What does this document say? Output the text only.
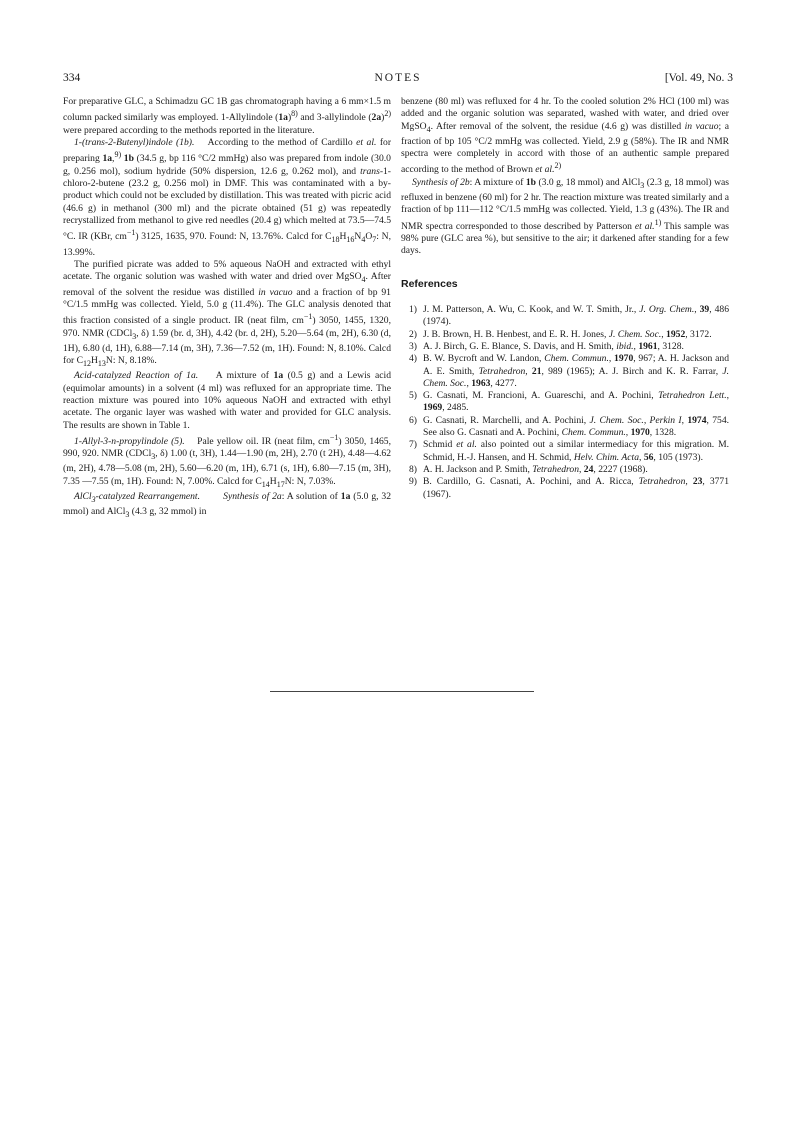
334	NOTES	[Vol. 49, No. 3

For preparative GLC, a Schimadzu GC 1B gas chromatograph having a 6 mm×1.5 m column packed similarly was employed. 1-Allylindole $(1a)^{8)}$ and 3-allylindole $(2a)^{2)}$ were prepared according to the methods reported in the literature.

1-(trans-2-Butenyl)indole (1b).    According to the method of Cardillo et al. for preparing 1a,$^{9)}$ 1b (34.5 g, bp 116 °C/2 mmHg) also was prepared from indole (30.0 g, 0.256 mol), sodium hydride (50% dispersion, 12.6 g, 0.262 mol), and trans-1-chloro-2-butene (23.2 g, 0.256 mol) in DMF. This was contaminated with a by-product which could not be excluded by distillation. This was treated with picric acid (46.6 g) in methanol (300 ml) and the picrate obtained (51 g) was repeatedly recrystallized from methanol to give red needles (20.4 g) which melted at 73.5—74.5 °C. IR (KBr, $cm^{-1}$) 3125, 1635, 970. Found: N, 13.76%. Calcd for $C_{18}H_{16}N_4O_7$: N, 13.99%.

The purified picrate was added to 5% aqueous NaOH and extracted with ethyl acetate. The organic solution was washed with water and dried over MgSO$_4$. After removal of the solvent the residue was distilled in vacuo and a fraction of bp 91 °C/1.5 mmHg was collected. Yield, 5.0 g (11.4%). The GLC analysis denoted that this fraction consisted of a single product. IR (neat film, $cm^{-1}$) 3050, 1455, 1320, 970. NMR (CDCl$_3$, δ) 1.59 (br. d, 3H), 4.42 (br. d, 2H), 5.20—5.64 (m, 2H), 6.30 (d, 1H), 6.80 (d, 1H), 6.88—7.14 (m, 3H), 7.36—7.52 (m, 1H). Found: N, 8.10%. Calcd for $C_{12}H_{13}N$: N, 8.18%.

Acid-catalyzed Reaction of 1a.    A mixture of 1a (0.5 g) and a Lewis acid (equimolar amounts) in a solvent (4 ml) was refluxed for an appropriate time. The reaction mixture was poured into 10% aqueous NaOH and extracted with ethyl acetate. The organic layer was washed with water and provided for GLC analysis. The results are shown in Table 1.

1-Allyl-3-n-propylindole (5).    Pale yellow oil. IR (neat film, $cm^{-1}$) 3050, 1465, 990, 920. NMR (CDCl$_3$, δ) 1.00 (t, 3H), 1.44—1.90 (m, 2H), 2.70 (t 2H), 4.48—4.62 (m, 2H), 4.78—5.08 (m, 2H), 5.60—6.20 (m, 1H), 6.71 (s, 1H), 6.80—7.15 (m, 3H), 7.35 —7.55 (m, 1H). Found: N, 7.00%. Calcd for $C_{14}H_{17}N$: N, 7.03%.

AlCl$_3$-catalyzed Rearrangement. Synthesis of 2a: A solution of 1a (5.0 g, 32 mmol) and AlCl$_3$ (4.3 g, 32 mmol) in

benzene (80 ml) was refluxed for 4 hr. To the cooled solution 2% HCl (100 ml) was added and the organic solution was separated, washed with water, and dried over MgSO$_4$. After removal of the solvent, the residue (4.6 g) was distilled in vacuo; a fraction of bp 105 °C/2 mmHg was collected. Yield, 2.9 g (58%). The IR and NMR spectra were completely in accord with those of an authentic sample prepared according to the method of Brown et al.$^{2)}$

Synthesis of 2b: A mixture of 1b (3.0 g, 18 mmol) and AlCl$_3$ (2.3 g, 18 mmol) was refluxed in benzene (60 ml) for 2 hr. The reaction mixture was treated similarly and a fraction of bp 111—112 °C/1.5 mmHg was collected. Yield, 1.3 g (43%). The IR and NMR spectra corresponded to those described by Patterson et al.$^{1)}$ This sample was 98% pure (GLC area %), but sensitive to the air; it darkened after standing for a few days.

References

1) J. M. Patterson, A. Wu, C. Kook, and W. T. Smith, Jr., J. Org. Chem., 39, 486 (1974).
2) J. B. Brown, H. B. Henbest, and E. R. H. Jones, J. Chem. Soc., 1952, 3172.
3) A. J. Birch, G. E. Blance, S. Davis, and H. Smith, ibid., 1961, 3128.
4) B. W. Bycroft and W. Landon, Chem. Commun., 1970, 967; A. H. Jackson and A. E. Smith, Tetrahedron, 21, 989 (1965); A. J. Birch and K. R. Farrar, J. Chem. Soc., 1963, 4277.
5) G. Casnati, M. Francioni, A. Guareschi, and A. Pochini, Tetrahedron Lett., 1969, 2485.
6) G. Casnati, R. Marchelli, and A. Pochini, J. Chem. Soc., Perkin I, 1974, 754. See also G. Casnati and A. Pochini, Chem. Commun., 1970, 1328.
7) Schmid et al. also pointed out a similar intermediacy for this migration. M. Schmid, H.-J. Hansen, and H. Schmid, Helv. Chim. Acta, 56, 105 (1973).
8) A. H. Jackson and P. Smith, Tetrahedron, 24, 2227 (1968).
9) B. Cardillo, G. Casnati, A. Pochini, and A. Ricca, Tetrahedron, 23, 3771 (1967).
